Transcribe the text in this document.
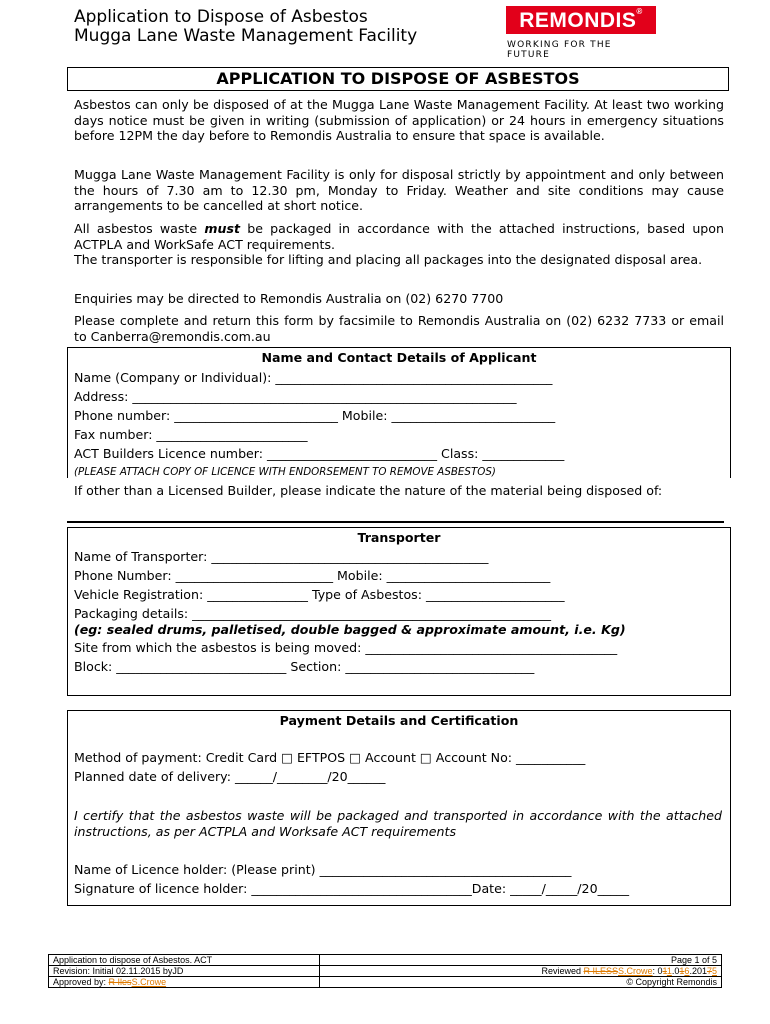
Application to Dispose of Asbestos
Mugga Lane Waste Management Facility
REMONDIS®
WORKING FOR THE FUTURE
APPLICATION TO DISPOSE OF ASBESTOS
Asbestos can only be disposed of at the Mugga Lane Waste Management Facility. At least two working days notice must be given in writing (submission of application) or 24 hours in emergency situations before 12PM the day before to Remondis Australia to ensure that space is available.
Mugga Lane Waste Management Facility is only for disposal strictly by appointment and only between the hours of 7.30 am to 12.30 pm, Monday to Friday. Weather and site conditions may cause arrangements to be cancelled at short notice.
All asbestos waste must be packaged in accordance with the attached instructions, based upon ACTPLA and WorkSafe ACT requirements.
The transporter is responsible for lifting and placing all packages into the designated disposal area.
Enquiries may be directed to Remondis Australia on (02) 6270 7700
Please complete and return this form by facsimile to Remondis Australia on (02) 6232 7733 or email to Canberra@remondis.com.au
Name and Contact Details of Applicant
Name (Company or Individual): ____________________________________________
Address: _____________________________________________________________
Phone number: __________________________ Mobile: __________________________
Fax number: ________________________
ACT Builders Licence number: ___________________________ Class: _____________
(PLEASE ATTACH COPY OF LICENCE WITH ENDORSEMENT TO REMOVE ASBESTOS)
If other than a Licensed Builder, please indicate the nature of the material being disposed of:
Transporter
Name of Transporter: ____________________________________________
Phone Number: _________________________ Mobile: __________________________
Vehicle Registration: ________________ Type of Asbestos: ______________________
Packaging details: _________________________________________________________
(eg: sealed drums, palletised, double bagged & approximate amount, i.e. Kg)
Site from which the asbestos is being moved: ________________________________________
Block: ___________________________ Section: ______________________________
Payment Details and Certification
Method of payment: Credit Card □ EFTPOS □ Account □ Account No: ___________
Planned date of delivery: ______/________/20______
I certify that the asbestos waste will be packaged and transported in accordance with the attached instructions, as per ACTPLA and Worksafe ACT requirements
Name of Licence holder: (Please print) ________________________________________
Signature of licence holder: ___________________________________Date: _____/_____/20_____
Application to dispose of Asbestos. ACT	Page 1 of 5
Revision: Initial 02.11.2015 byJD	Reviewed R ILESSS.Crowe: 011.016.20175
Approved by: R IlesS.Crowe	© Copyright Remondis
